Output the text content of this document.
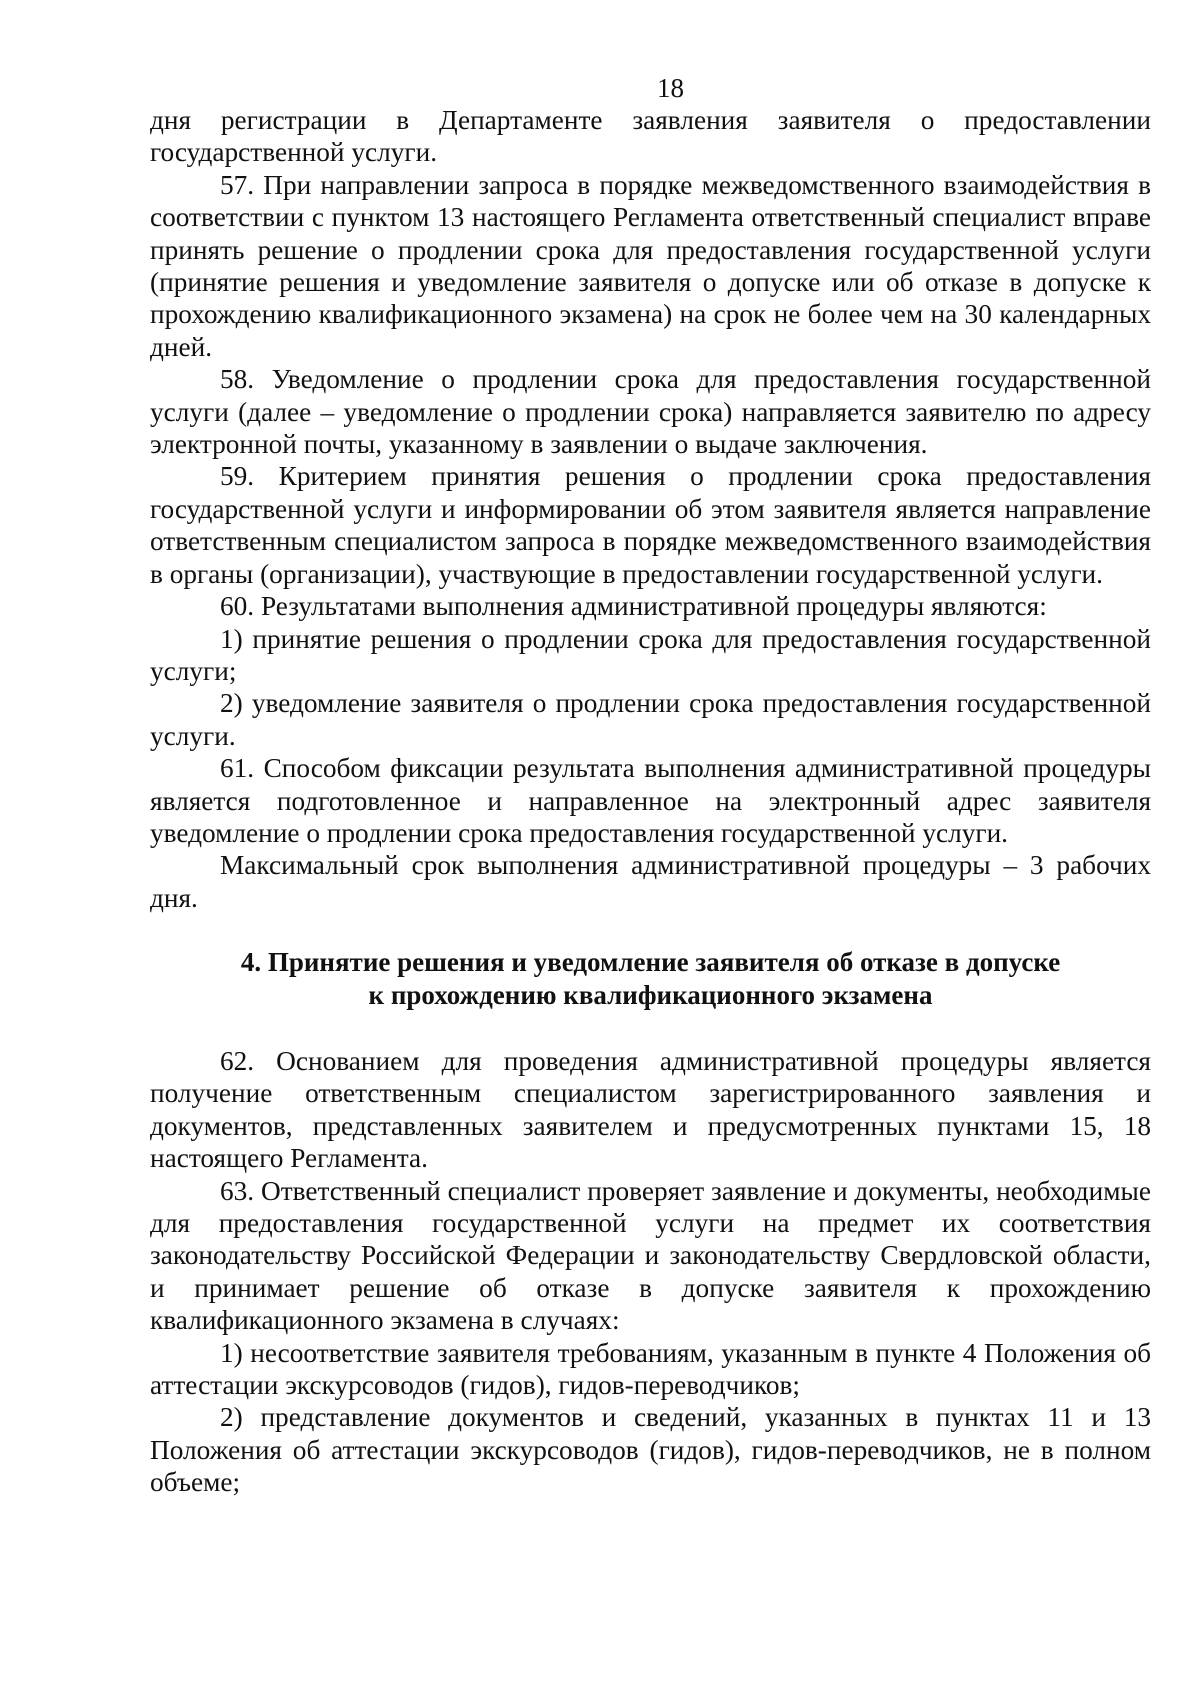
18

дня регистрации в Департаменте заявления заявителя о предоставлении государственной услуги.

57. При направлении запроса в порядке межведомственного взаимодействия в соответствии с пунктом 13 настоящего Регламента ответственный специалист вправе принять решение о продлении срока для предоставления государственной услуги (принятие решения и уведомление заявителя о допуске или об отказе в допуске к прохождению квалификационного экзамена) на срок не более чем на 30 календарных дней.

58. Уведомление о продлении срока для предоставления государственной услуги (далее – уведомление о продлении срока) направляется заявителю по адресу электронной почты, указанному в заявлении о выдаче заключения.

59. Критерием принятия решения о продлении срока предоставления государственной услуги и информировании об этом заявителя является направление ответственным специалистом запроса в порядке межведомственного взаимодействия в органы (организации), участвующие в предоставлении государственной услуги.

60. Результатами выполнения административной процедуры являются:

1) принятие решения о продлении срока для предоставления государственной услуги;

2) уведомление заявителя о продлении срока предоставления государственной услуги.

61. Способом фиксации результата выполнения административной процедуры является подготовленное и направленное на электронный адрес заявителя уведомление о продлении срока предоставления государственной услуги.

Максимальный срок выполнения административной процедуры – 3 рабочих дня.

4. Принятие решения и уведомление заявителя об отказе в допуске

к прохождению квалификационного экзамена

62. Основанием для проведения административной процедуры является получение ответственным специалистом зарегистрированного заявления и документов, представленных заявителем и предусмотренных пунктами 15, 18 настоящего Регламента.

63. Ответственный специалист проверяет заявление и документы, необходимые для предоставления государственной услуги на предмет их соответствия законодательству Российской Федерации и законодательству Свердловской области, и принимает решение об отказе в допуске заявителя к прохождению квалификационного экзамена в случаях:

1) несоответствие заявителя требованиям, указанным в пункте 4 Положения об аттестации экскурсоводов (гидов), гидов-переводчиков;

2) представление документов и сведений, указанных в пунктах 11 и 13 Положения об аттестации экскурсоводов (гидов), гидов-переводчиков, не в полном объеме;
